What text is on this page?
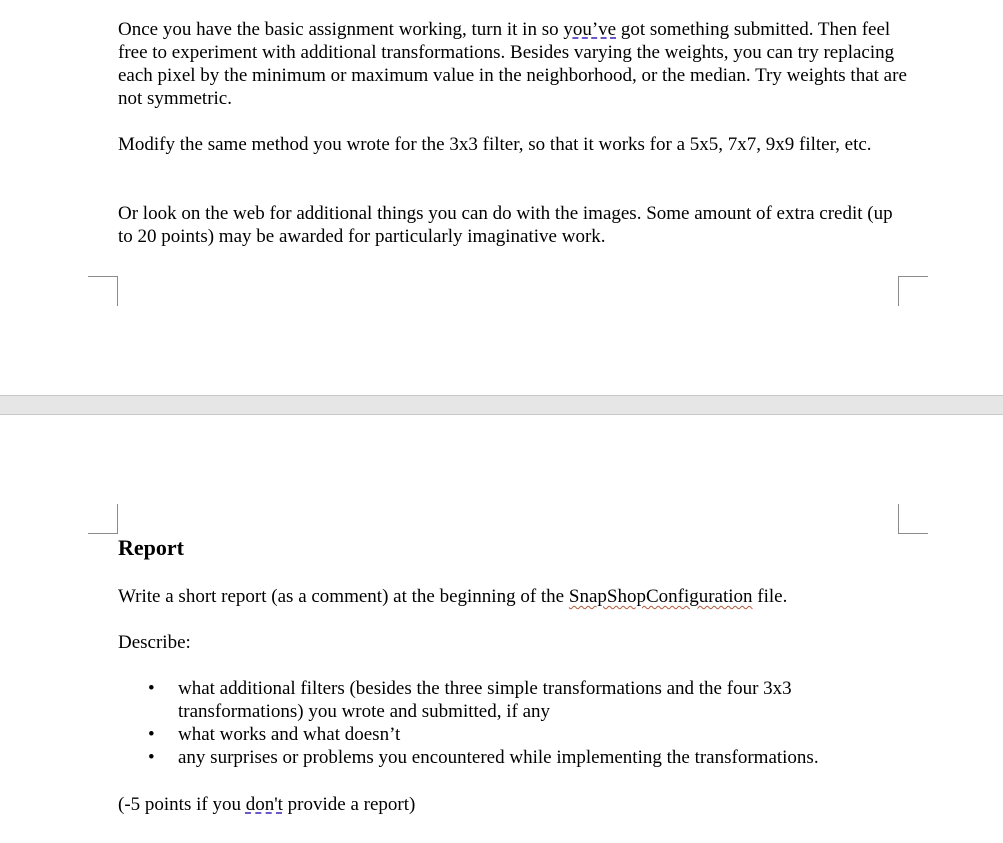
Once you have the basic assignment working, turn it in so you’ve got something submitted. Then feel free to experiment with additional transformations. Besides varying the weights, you can try replacing each pixel by the minimum or maximum value in the neighborhood, or the median. Try weights that are not symmetric.

Modify the same method you wrote for the 3x3 filter, so that it works for a 5x5, 7x7, 9x9 filter, etc.

Or look on the web for additional things you can do with the images. Some amount of extra credit (up to 20 points) may be awarded for particularly imaginative work.

Report

Write a short report (as a comment) at the beginning of the SnapShopConfiguration file.

Describe:

• what additional filters (besides the three simple transformations and the four 3x3 transformations) you wrote and submitted, if any
• what works and what doesn’t
• any surprises or problems you encountered while implementing the transformations.

(-5 points if you don't provide a report)
